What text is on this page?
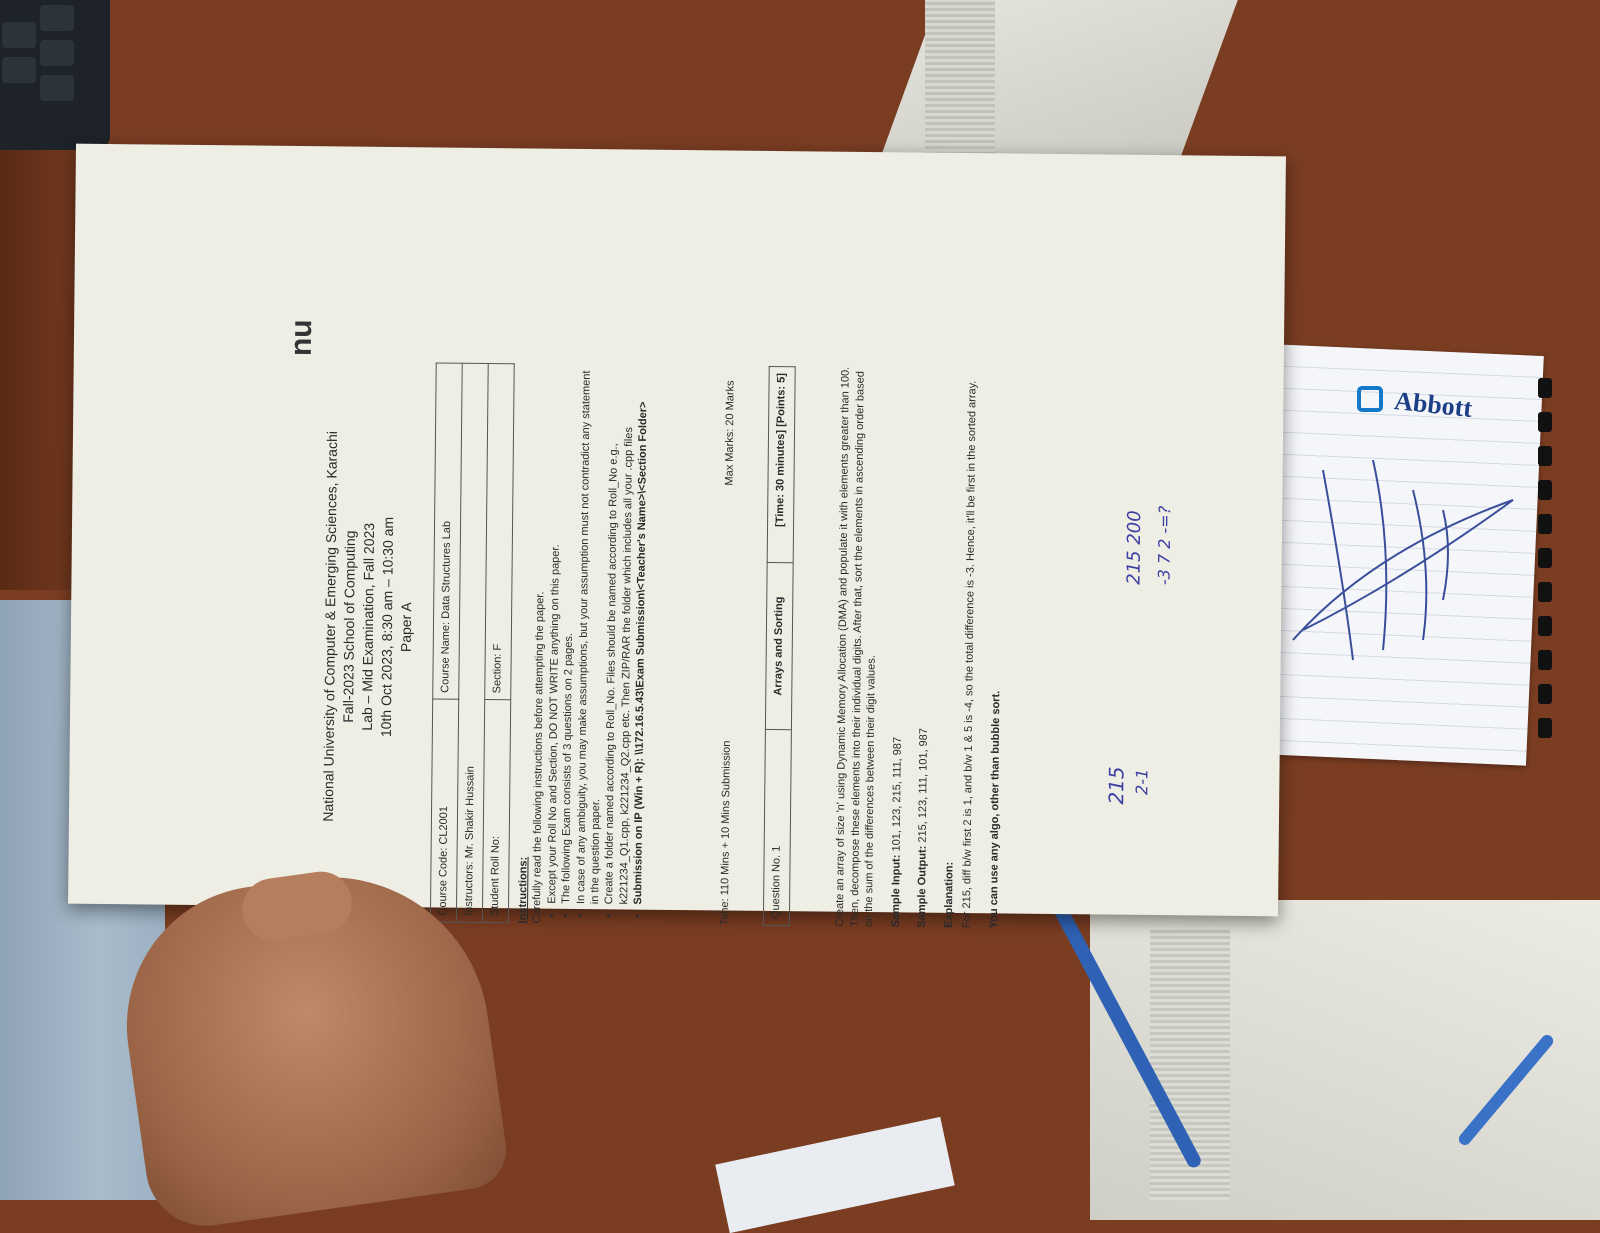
Abbott
nu
National University of Computer & Emerging Sciences, Karachi Fall-2023 School of Computing Lab – Mid Examination, Fall 2023 10th Oct 2023, 8:30 am – 10:30 am Paper A
Course Code: CL2001	Course Name: Data Structures Lab
Instructors: Mr. Shakir Hussain	
Student Roll No:	Section: F
Instructions: Carefully read the following instructions before attempting the paper. • Except your Roll No and Section, DO NOT WRITE anything on this paper.
• The following Exam consists of 3 questions on 2 pages. • In case of any ambiguity, you may make assumptions, but your assumption must not contradict any statement in the question paper. • Create a folder named according to Roll_No. Files should be named according to Roll_No e.g., k221234_Q1.cpp, k221234_Q2.cpp etc. Then ZIP/RAR the folder which includes all your .cpp files
• Submission on IP (Win + R): \\172.16.5.43\Exam Submission\<Teacher's Name>\<Section Folder>	Time: 110 Mins + 10 Mins Submission
Max Marks: 20 Marks
Question No. 1	Arrays and Sorting	[Time: 30 minutes] [Points: 5]	Create an array of size 'n' using Dynamic Memory Allocation (DMA) and populate it with elements greater than 100. Then, decompose these elements into their individual digits. After that, sort the elements in ascending order based on the sum of the differences between their digit values.	Sample Input: 101, 123, 215, 111, 987

Sample Output: 215, 123, 111, 101, 987

Explanation: For 215, diff b/w first 2 is 1, and b/w 1 & 5 is -4, so the total difference is -3. Hence, it'll be first in the sorted array. You can use any algo, other than bubble sort.	215 2-1
215 200 -3 7 2 -=?
